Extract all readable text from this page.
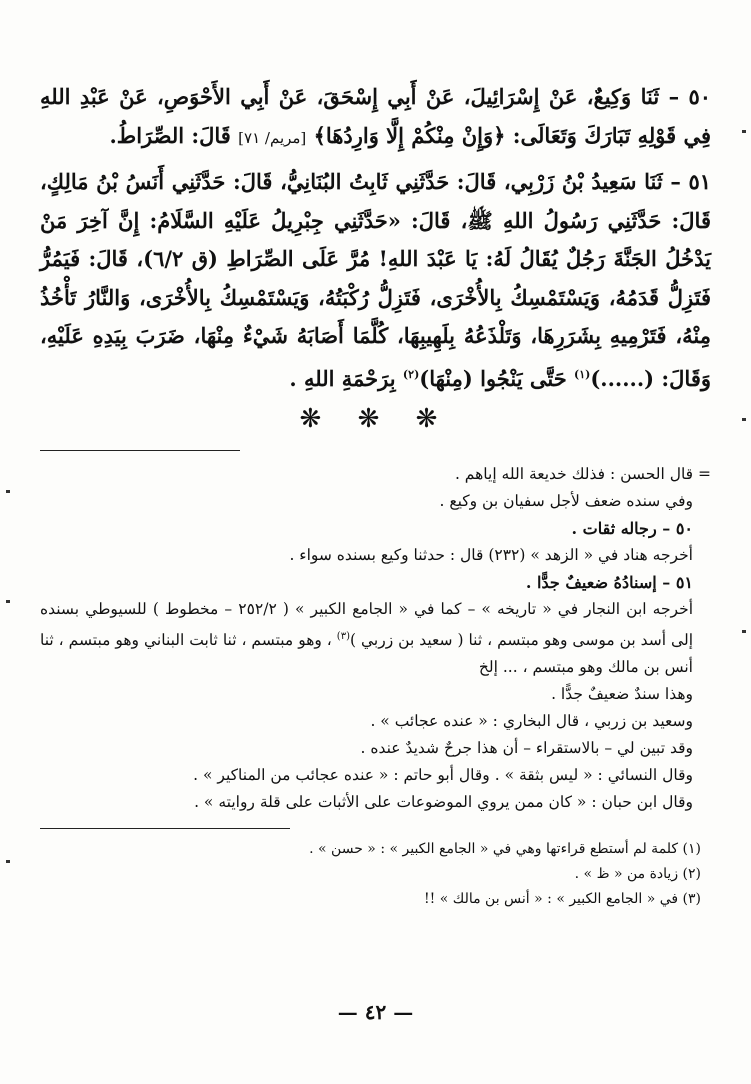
٥٠ – ثَنَا وَكِيعٌ، عَنْ إِسْرَائِيلَ، عَنْ أَبِي إِسْحَقَ، عَنْ أَبِي الأَحْوَصِ، عَنْ عَبْدِ اللهِ فِي قَوْلِهِ تَبَارَكَ وَتَعَالَى: ﴿وَإِنْ مِنْكُمْ إِلَّا وَارِدُهَا﴾ [مريم/ ٧١] قَالَ: الصِّرَاطُ.

٥١ – ثَنَا سَعِيدُ بْنُ زَرْبِي، قَالَ: حَدَّثَنِي ثَابِتُ البُنَانِيُّ، قَالَ: حَدَّثَنِي أَنَسُ بْنُ مَالِكٍ، قَالَ: حَدَّثَنِي رَسُولُ اللهِ ﷺ، قَالَ: «حَدَّثَنِي جِبْرِيلُ عَلَيْهِ السَّلَامُ: إِنَّ آخِرَ مَنْ يَدْخُلُ الجَنَّةَ رَجُلٌ يُقَالُ لَهُ: يَا عَبْدَ اللهِ! مُرَّ عَلَى الصِّرَاطِ (ق ٦/٢)، قَالَ: فَيَمُرُّ فَتَزِلُّ قَدَمُهُ، وَيَسْتَمْسِكُ بِالأُخْرَى، فَتَزِلُّ رُكْبَتُهُ، وَيَسْتَمْسِكُ بِالأُخْرَى، وَالنَّارُ تَأْخُذُ مِنْهُ، فَتَرْمِيهِ بِشَرَرِهَا، وَتَلْذَعُهُ بِلَهِيبِهَا، كُلَّمَا أَصَابَهُ شَيْءٌ مِنْهَا، ضَرَبَ بِيَدِهِ عَلَيْهِ، وَقَالَ: (......)$^{(١)}$ حَتَّى يَنْجُوا (مِنْهَا)$^{(٢)}$ بِرَحْمَةِ اللهِ .

❋ ❋ ❋

= قال الحسن : فذلك خديعة الله إياهم .

وفي سنده ضعف لأجل سفيان بن وكيع .

٥٠ – رجاله ثقات .

أخرجه هناد في « الزهد » (٢٣٢) قال : حدثنا وكيع بسنده سواء .

٥١ – إسنادُهُ ضعيفٌ جدًّا .

أخرجه ابن النجار في « تاريخه » – كما في « الجامع الكبير » ( ٢٥٢/٢ – مخطوط ) للسيوطي بسنده إلى أسد بن موسى وهو مبتسم ، ثنا ( سعيد بن زربي )$^{(٣)}$ ، وهو مبتسم ، ثنا ثابت البناني وهو مبتسم ، ثنا أنس بن مالك وهو مبتسم ، ... إلخ

وهذا سندٌ ضعيفٌ جدًّا .

وسعيد بن زربي ، قال البخاري : « عنده عجائب » .

وقد تبين لي – بالاستقراء – أن هذا جرحٌ شديدٌ عنده .

وقال النسائي : « ليس بثقة » . وقال أبو حاتم : « عنده عجائب من المناكير » .

وقال ابن حبان : « كان ممن يروي الموضوعات على الأثبات على قلة روايته » .

(١) كلمة لم أستطع قراءتها وهي في « الجامع الكبير » : « حسن » .

(٢) زيادة من « ظ » .

(٣) في « الجامع الكبير » : « أنس بن مالك » !!

— ٤٢ —
